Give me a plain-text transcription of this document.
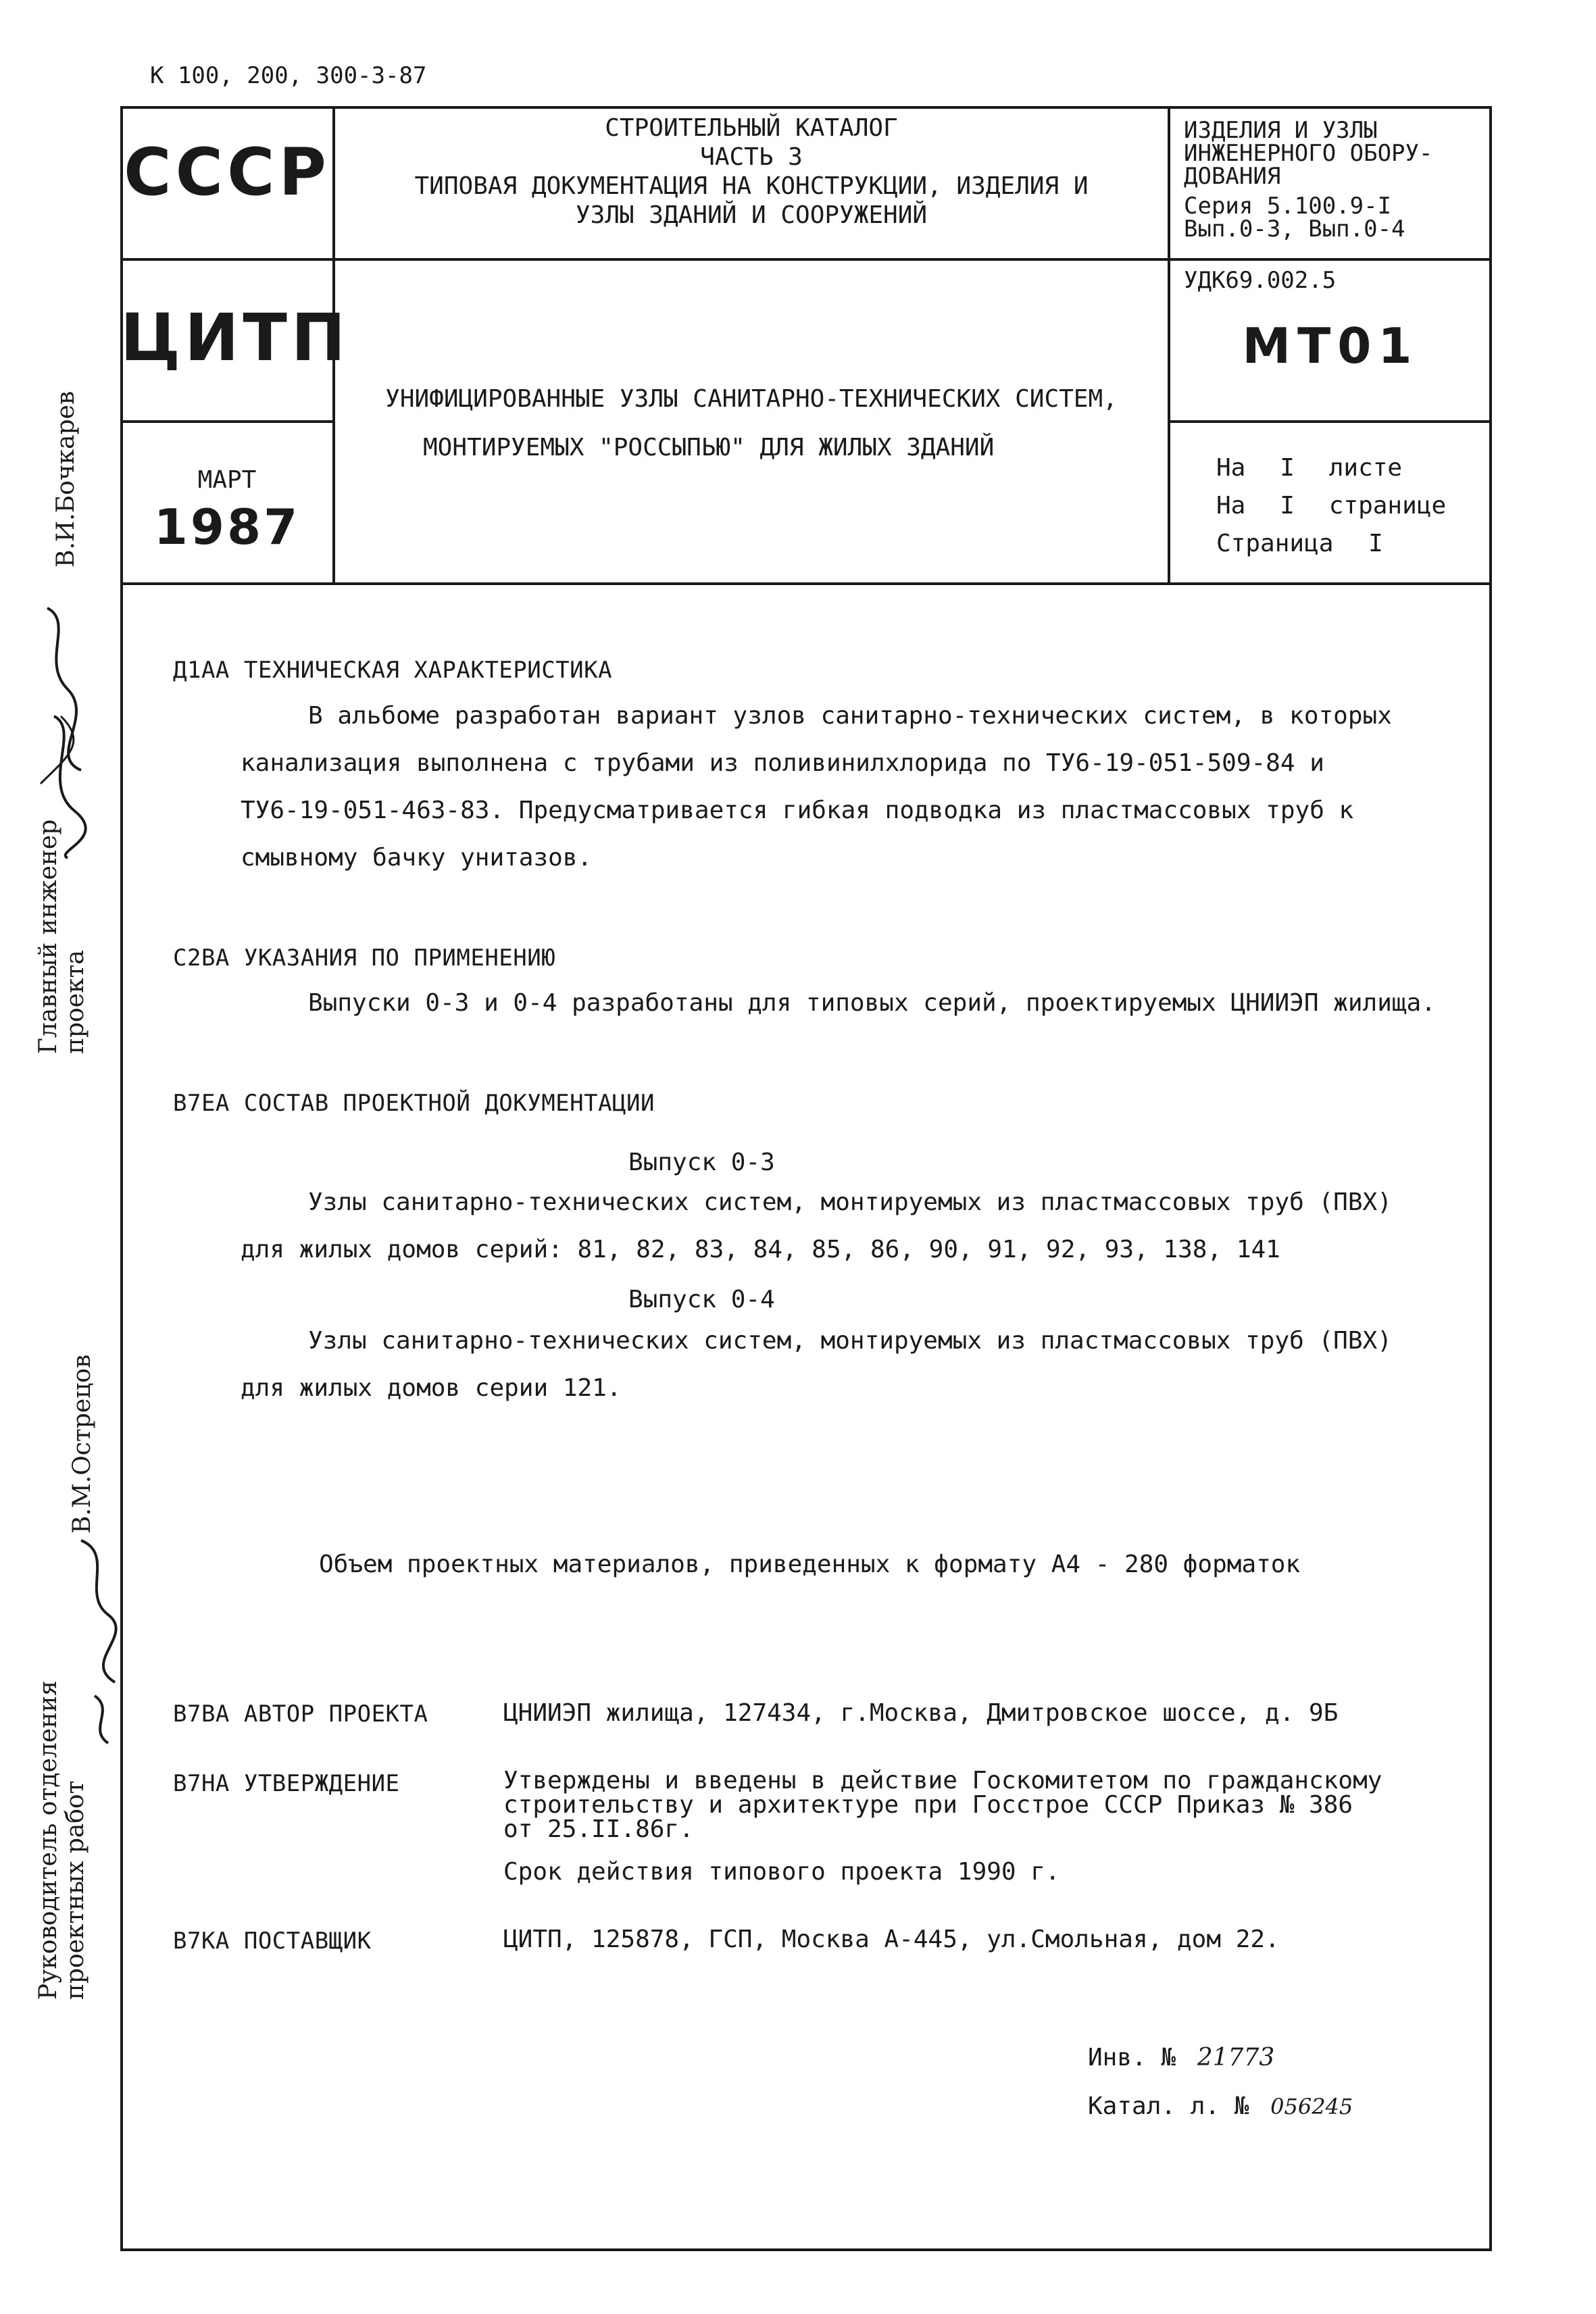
К 100, 200, 300-3-87
СССР
ЦИТП
МАРТ
1987
СТРОИТЕЛЬНЫЙ КАТАЛОГ
ЧАСТЬ 3
ТИПОВАЯ ДОКУМЕНТАЦИЯ НА КОНСТРУКЦИИ, ИЗДЕЛИЯ И
УЗЛЫ ЗДАНИЙ И СООРУЖЕНИЙ
УНИФИЦИРОВАННЫЕ УЗЛЫ САНИТАРНО-ТЕХНИЧЕСКИХ СИСТЕМ,
МОНТИРУЕМЫХ "РОССЫПЬЮ" ДЛЯ ЖИЛЫХ ЗДАНИЙ
ИЗДЕЛИЯ И УЗЛЫ
ИНЖЕНЕРНОГО ОБОРУ-
ДОВАНИЯ
Серия 5.100.9-I
Вып.0-3, Вып.0-4
УДК69.002.5
МТ01
На I листе
На I странице
Страница I
В.И.Бочкарев
Главный инженер проекта
В.М.Острецов
Руководитель отделения проектных работ
Д1АА ТЕХНИЧЕСКАЯ ХАРАКТЕРИСТИКА
В альбоме разработан вариант узлов санитарно-технических систем, в которых
канализация выполнена с трубами из поливинилхлорида по ТУ6-19-051-509-84 и
ТУ6-19-051-463-83. Предусматривается гибкая подводка из пластмассовых труб к
смывному бачку унитазов.
С2ВА УКАЗАНИЯ ПО ПРИМЕНЕНИЮ
Выпуски 0-3 и 0-4 разработаны для типовых серий, проектируемых ЦНИИЭП жилища.
В7ЕА СОСТАВ ПРОЕКТНОЙ ДОКУМЕНТАЦИИ
Выпуск 0-3
Узлы санитарно-технических систем, монтируемых из пластмассовых труб (ПВХ)
для жилых домов серий: 81, 82, 83, 84, 85, 86, 90, 91, 92, 93, 138, 141
Выпуск 0-4
Узлы санитарно-технических систем, монтируемых из пластмассовых труб (ПВХ)
для жилых домов серии 121.
Объем проектных материалов, приведенных к формату А4 - 280 форматок
В7ВА АВТОР ПРОЕКТА	ЦНИИЭП жилища, 127434, г.Москва, Дмитровское шоссе, д. 9Б
В7НА УТВЕРЖДЕНИЕ	Утверждены и введены в действие Госкомитетом по гражданскому
строительству и архитектуре при Госстрое СССР Приказ № 386
от 25.II.86г.
Срок действия типового проекта 1990 г.
В7КА ПОСТАВЩИК	ЦИТП, 125878, ГСП, Москва А-445, ул.Смольная, дом 22.
Инв. № 21773
Катал. л. № 056245
